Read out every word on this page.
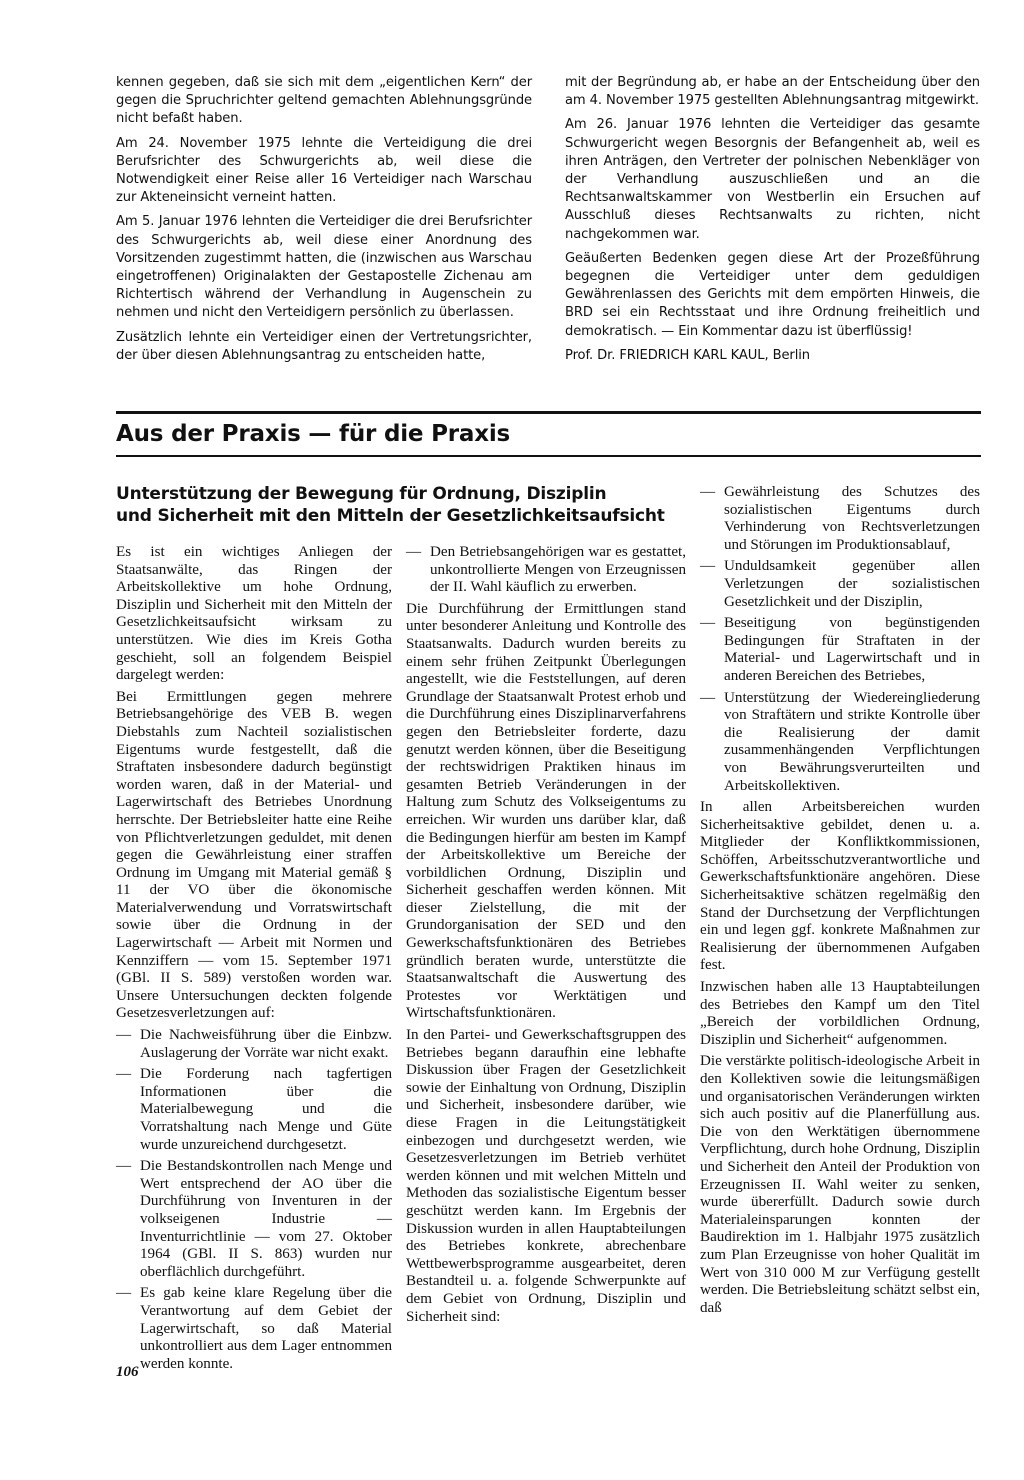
kennen gegeben, daß sie sich mit dem „eigentlichen Kern“ der gegen die Spruchrichter geltend gemachten Ablehnungsgründe nicht befaßt haben.

Am 24. November 1975 lehnte die Verteidigung die drei Berufsrichter des Schwurgerichts ab, weil diese die Notwendigkeit einer Reise aller 16 Verteidiger nach Warschau zur Akteneinsicht verneint hatten.

Am 5. Januar 1976 lehnten die Verteidiger die drei Berufsrichter des Schwurgerichts ab, weil diese einer Anordnung des Vorsitzenden zugestimmt hatten, die (inzwischen aus Warschau eingetroffenen) Originalakten der Gestapostelle Zichenau am Richtertisch während der Verhandlung in Augenschein zu nehmen und nicht den Verteidigern persönlich zu überlassen.

Zusätzlich lehnte ein Verteidiger einen der Vertretungsrichter, der über diesen Ablehnungsantrag zu entscheiden hatte,

mit der Begründung ab, er habe an der Entscheidung über den am 4. November 1975 gestellten Ablehnungsantrag mitgewirkt.

Am 26. Januar 1976 lehnten die Verteidiger das gesamte Schwurgericht wegen Besorgnis der Befangenheit ab, weil es ihren Anträgen, den Vertreter der polnischen Nebenkläger von der Verhandlung auszuschließen und an die Rechtsanwaltskammer von Westberlin ein Ersuchen auf Ausschluß dieses Rechtsanwalts zu richten, nicht nachgekommen war.

Geäußerten Bedenken gegen diese Art der Prozeßführung begegnen die Verteidiger unter dem geduldigen Gewährenlassen des Gerichts mit dem empörten Hinweis, die BRD sei ein Rechtsstaat und ihre Ordnung freiheitlich und demokratisch. — Ein Kommentar dazu ist überflüssig!

Prof. Dr. FRIEDRICH KARL KAUL, Berlin

Aus der Praxis — für die Praxis
Unterstützung der Bewegung für Ordnung, Disziplin
und Sicherheit mit den Mitteln der Gesetzlichkeitsaufsicht

Es ist ein wichtiges Anliegen der Staatsanwälte, das Ringen der Arbeitskollektive um hohe Ordnung, Disziplin und Sicherheit mit den Mitteln der Gesetzlichkeitsaufsicht wirksam zu unterstützen. Wie dies im Kreis Gotha geschieht, soll an folgendem Beispiel dargelegt werden:

Bei Ermittlungen gegen mehrere Betriebsangehörige des VEB B. wegen Diebstahls zum Nachteil sozialistischen Eigentums wurde festgestellt, daß die Straftaten insbesondere dadurch begünstigt worden waren, daß in der Material- und Lagerwirtschaft des Betriebes Unordnung herrschte. Der Betriebsleiter hatte eine Reihe von Pflichtverletzungen geduldet, mit denen gegen die Gewährleistung einer straffen Ordnung im Umgang mit Material gemäß § 11 der VO über die ökonomische Materialverwendung und Vorratswirtschaft sowie über die Ordnung in der Lagerwirtschaft — Arbeit mit Normen und Kennziffern — vom 15. September 1971 (GBl. II S. 589) verstoßen worden war. Unsere Untersuchungen deckten folgende Gesetzesverletzungen auf:

— Die Nachweisführung über die Einbzw. Auslagerung der Vorräte war nicht exakt.
— Die Forderung nach tagfertigen Informationen über die Materialbewegung und die Vorratshaltung nach Menge und Güte wurde unzureichend durchgesetzt.
— Die Bestandskontrollen nach Menge und Wert entsprechend der AO über die Durchführung von Inventuren in der volkseigenen Industrie — Inventurrichtlinie — vom 27. Oktober 1964 (GBl. II S. 863) wurden nur oberflächlich durchgeführt.
— Es gab keine klare Regelung über die Verantwortung auf dem Gebiet der Lagerwirtschaft, so daß Material unkontrolliert aus dem Lager entnommen werden konnte.
— Den Betriebsangehörigen war es gestattet, unkontrollierte Mengen von Erzeugnissen der II. Wahl käuflich zu erwerben.

Die Durchführung der Ermittlungen stand unter besonderer Anleitung und Kontrolle des Staatsanwalts. Dadurch wurden bereits zu einem sehr frühen Zeitpunkt Überlegungen angestellt, wie die Feststellungen, auf deren Grundlage der Staatsanwalt Protest erhob und die Durchführung eines Disziplinarverfahrens gegen den Betriebsleiter forderte, dazu genutzt werden können, über die Beseitigung der rechtswidrigen Praktiken hinaus im gesamten Betrieb Veränderungen in der Haltung zum Schutz des Volkseigentums zu erreichen. Wir wurden uns darüber klar, daß die Bedingungen hierfür am besten im Kampf der Arbeitskollektive um Bereiche der vorbildlichen Ordnung, Disziplin und Sicherheit geschaffen werden können. Mit dieser Zielstellung, die mit der Grundorganisation der SED und den Gewerkschaftsfunktionären des Betriebes gründlich beraten wurde, unterstützte die Staatsanwaltschaft die Auswertung des Protestes vor Werktätigen und Wirtschaftsfunktionären.

In den Partei- und Gewerkschaftsgruppen des Betriebes begann daraufhin eine lebhafte Diskussion über Fragen der Gesetzlichkeit sowie der Einhaltung von Ordnung, Disziplin und Sicherheit, insbesondere darüber, wie diese Fragen in die Leitungstätigkeit einbezogen und durchgesetzt werden, wie Gesetzesverletzungen im Betrieb verhütet werden können und mit welchen Mitteln und Methoden das sozialistische Eigentum besser geschützt werden kann. Im Ergebnis der Diskussion wurden in allen Hauptabteilungen des Betriebes konkrete, abrechenbare Wettbewerbsprogramme ausgearbeitet, deren Bestandteil u. a. folgende Schwerpunkte auf dem Gebiet von Ordnung, Disziplin und Sicherheit sind:

— Gewährleistung des Schutzes des sozialistischen Eigentums durch Verhinderung von Rechtsverletzungen und Störungen im Produktionsablauf,
— Unduldsamkeit gegenüber allen Verletzungen der sozialistischen Gesetzlichkeit und der Disziplin,
— Beseitigung von begünstigenden Bedingungen für Straftaten in der Material- und Lagerwirtschaft und in anderen Bereichen des Betriebes,
— Unterstützung der Wiedereingliederung von Straftätern und strikte Kontrolle über die Realisierung der damit zusammenhängenden Verpflichtungen von Bewährungsverurteilten und Arbeitskollektiven.

In allen Arbeitsbereichen wurden Sicherheitsaktive gebildet, denen u. a. Mitglieder der Konfliktkommissionen, Schöffen, Arbeitsschutzverantwortliche und Gewerkschaftsfunktionäre angehören. Diese Sicherheitsaktive schätzen regelmäßig den Stand der Durchsetzung der Verpflichtungen ein und legen ggf. konkrete Maßnahmen zur Realisierung der übernommenen Aufgaben fest.

Inzwischen haben alle 13 Hauptabteilungen des Betriebes den Kampf um den Titel „Bereich der vorbildlichen Ordnung, Disziplin und Sicherheit“ aufgenommen.

Die verstärkte politisch-ideologische Arbeit in den Kollektiven sowie die leitungsmäßigen und organisatorischen Veränderungen wirkten sich auch positiv auf die Planerfüllung aus. Die von den Werktätigen übernommene Verpflichtung, durch hohe Ordnung, Disziplin und Sicherheit den Anteil der Produktion von Erzeugnissen II. Wahl weiter zu senken, wurde übererfüllt. Dadurch sowie durch Materialeinsparungen konnten der Baudirektion im 1. Halbjahr 1975 zusätzlich zum Plan Erzeugnisse von hoher Qualität im Wert von 310 000 M zur Verfügung gestellt werden. Die Betriebsleitung schätzt selbst ein, daß

106
